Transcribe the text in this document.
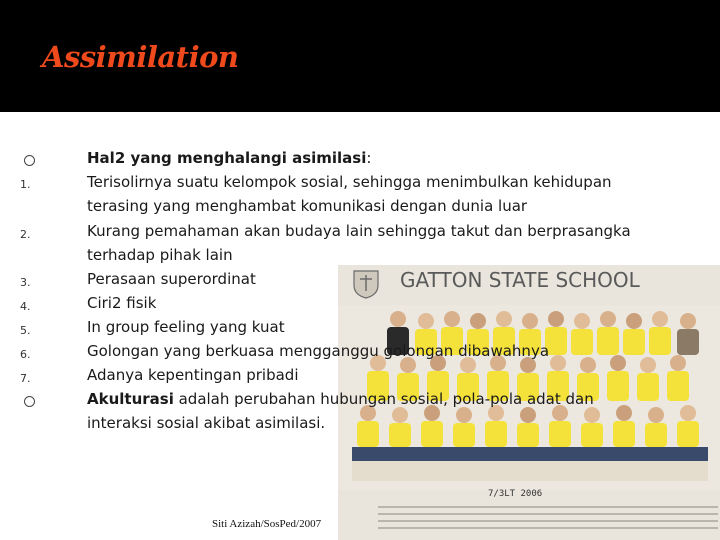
Assimilation
GATTON STATE SCHOOL
7/3LT 2006
Hal2 yang menghalangi asimilasi:
1.	Terisolirnya suatu kelompok sosial, sehingga menimbulkan kehidupan
terasing yang menghambat komunikasi dengan dunia luar
2.	Kurang pemahaman akan budaya lain sehingga takut dan berprasangka
terhadap pihak lain
3.	Perasaan superordinat
4.	Ciri2 fisik
5.	In group feeling yang kuat
6.	Golongan yang berkuasa mengganggu golongan dibawahnya
7.	Adanya kepentingan pribadi
Akulturasi adalah perubahan hubungan sosial, pola-pola adat dan
interaksi sosial akibat asimilasi.
Siti Azizah/SosPed/2007
